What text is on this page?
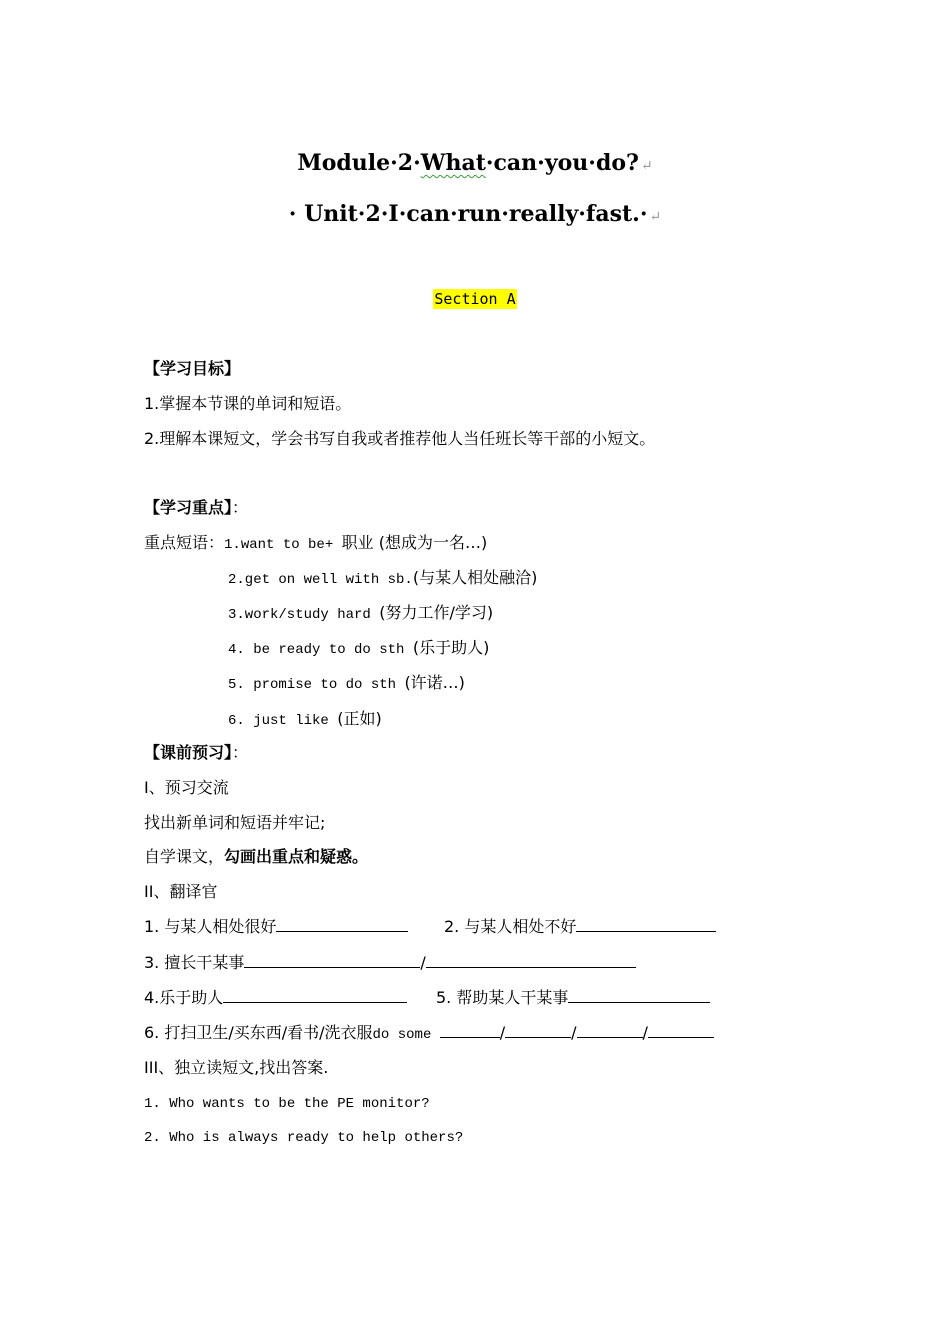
Module·2·What·can·you·do? ↵
· Unit·2·I·can·run·really·fast.· ↵
Section A
【学习目标】
1.掌握本节课的单词和短语。
2.理解本课短文，学会书写自我或者推荐他人当任班长等干部的小短文。
【学习重点】：
重点短语：1.want to be+ 职业 (想成为一名…)
2.get on well with sb.(与某人相处融洽)
3.work/study hard (努力工作/学习)
4. be ready to do sth (乐于助人)
5. promise to do sth (许诺…)
6. just like (正如)
【课前预习】：
I、预习交流
找出新单词和短语并牢记;
自学课文，勾画出重点和疑惑。
II、翻译官
1. 与某人相处很好	2. 与某人相处不好
3. 擅长干某事	/
4.乐于助人	5. 帮助某人干某事
6. 打扫卫生/买东西/看书/洗衣服do some	/	/	/
III、独立读短文,找出答案.
1. Who wants to be the PE monitor?
2. Who is always ready to help others?
